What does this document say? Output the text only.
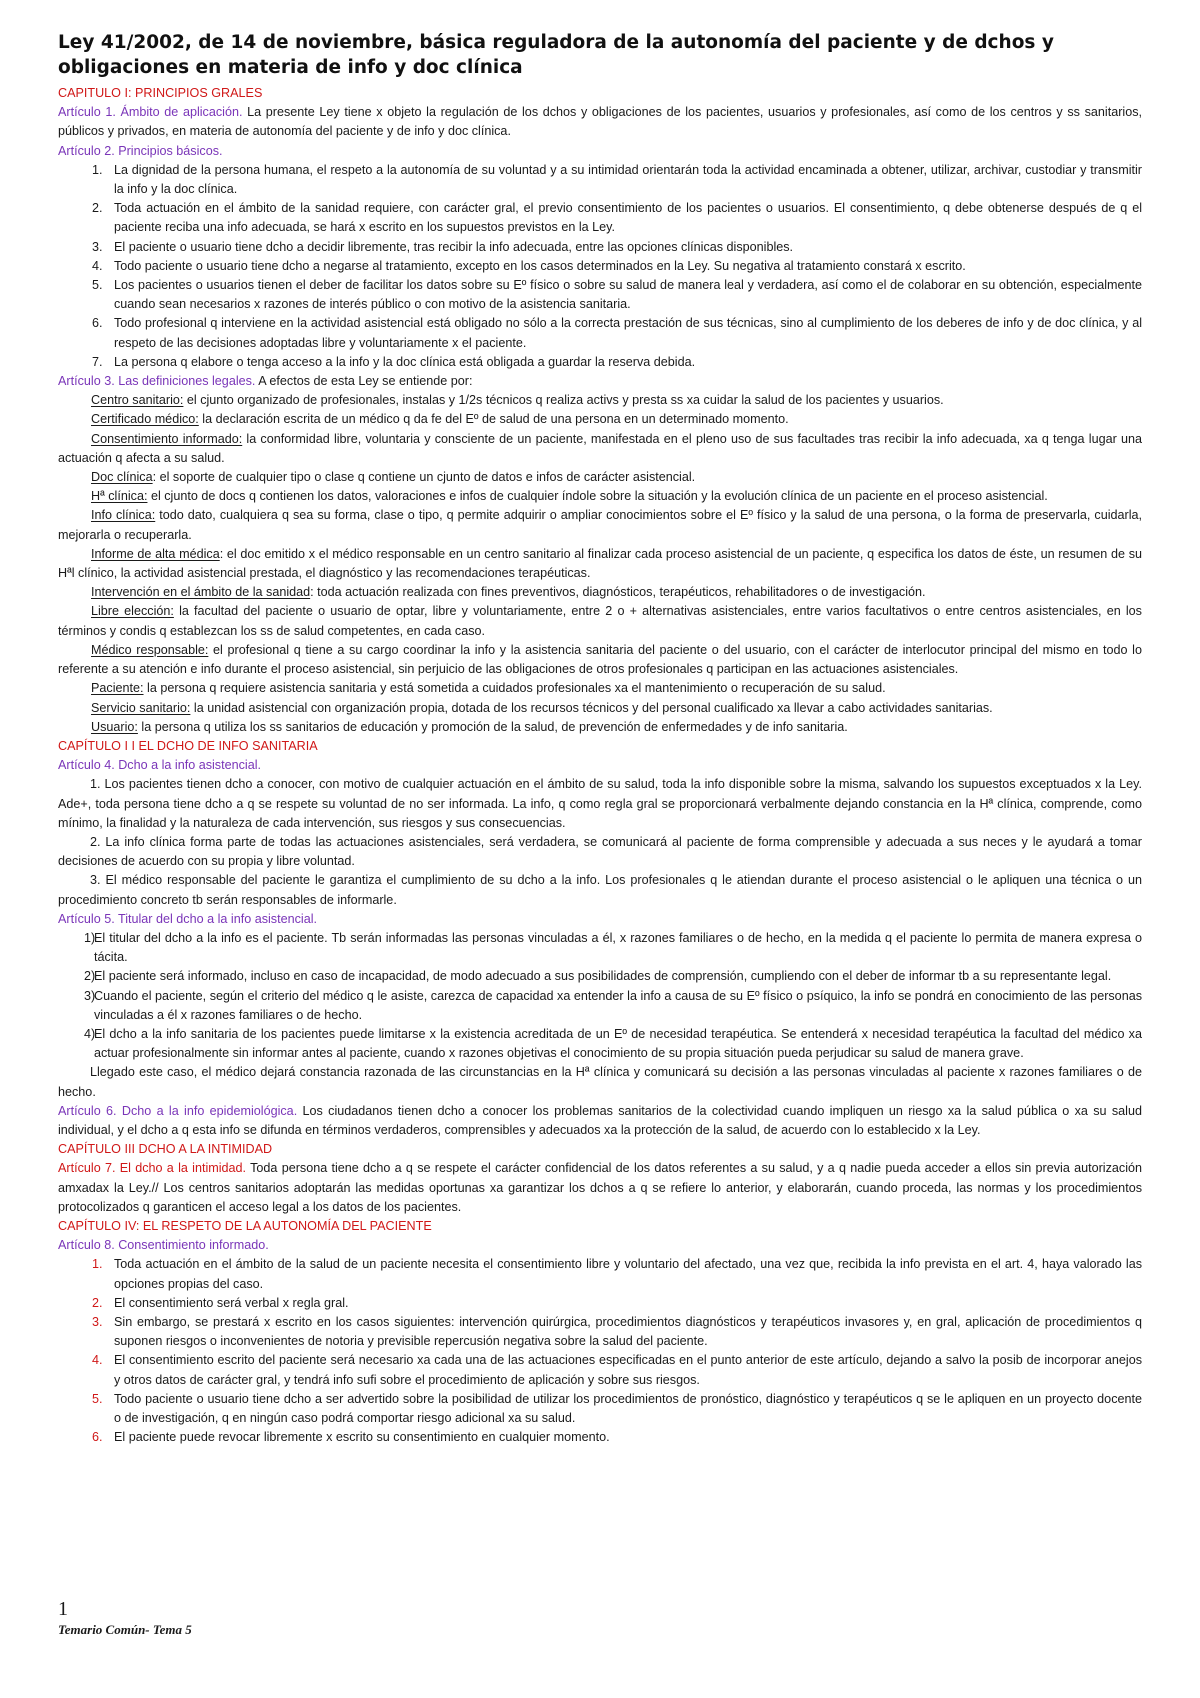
Ley 41/2002, de 14 de noviembre, básica reguladora de la autonomía del paciente y de dchos y obligaciones en materia de info y doc clínica

CAPITULO I: PRINCIPIOS GRALES

Artículo 1. Ámbito de aplicación. La presente Ley tiene x objeto la regulación de los dchos y obligaciones de los pacientes, usuarios y profesionales, así como de los centros y ss sanitarios, públicos y privados, en materia de autonomía del paciente y de info y doc clínica.

Artículo 2. Principios básicos.

1. La dignidad de la persona humana, el respeto a la autonomía de su voluntad y a su intimidad orientarán toda la actividad encaminada a obtener, utilizar, archivar, custodiar y transmitir la info y la doc clínica.
2. Toda actuación en el ámbito de la sanidad requiere, con carácter gral, el previo consentimiento de los pacientes o usuarios. El consentimiento, q debe obtenerse después de q el paciente reciba una info adecuada, se hará x escrito en los supuestos previstos en la Ley.
3. El paciente o usuario tiene dcho a decidir libremente, tras recibir la info adecuada, entre las opciones clínicas disponibles.
4. Todo paciente o usuario tiene dcho a negarse al tratamiento, excepto en los casos determinados en la Ley. Su negativa al tratamiento constará x escrito.
5. Los pacientes o usuarios tienen el deber de facilitar los datos sobre su Eº físico o sobre su salud de manera leal y verdadera, así como el de colaborar en su obtención, especialmente cuando sean necesarios x razones de interés público o con motivo de la asistencia sanitaria.
6. Todo profesional q interviene en la actividad asistencial está obligado no sólo a la correcta prestación de sus técnicas, sino al cumplimiento de los deberes de info y de doc clínica, y al respeto de las decisiones adoptadas libre y voluntariamente x el paciente.
7. La persona q elabore o tenga acceso a la info y la doc clínica está obligada a guardar la reserva debida.

Artículo 3. Las definiciones legales. A efectos de esta Ley se entiende por:

Centro sanitario: el cjunto organizado de profesionales, instalas y 1/2s técnicos q realiza activs y presta ss xa cuidar la salud de los pacientes y usuarios.

Certificado médico: la declaración escrita de un médico q da fe del Eº de salud de una persona en un determinado momento.

Consentimiento informado: la conformidad libre, voluntaria y consciente de un paciente, manifestada en el pleno uso de sus facultades tras recibir la info adecuada, xa q tenga lugar una actuación q afecta a su salud.

Doc clínica: el soporte de cualquier tipo o clase q contiene un cjunto de datos e infos de carácter asistencial.

Hª clínica: el cjunto de docs q contienen los datos, valoraciones e infos de cualquier índole sobre la situación y la evolución clínica de un paciente en el proceso asistencial.

Info clínica: todo dato, cualquiera q sea su forma, clase o tipo, q permite adquirir o ampliar conocimientos sobre el Eº físico y la salud de una persona, o la forma de preservarla, cuidarla, mejorarla o recuperarla.

Informe de alta médica: el doc emitido x el médico responsable en un centro sanitario al finalizar cada proceso asistencial de un paciente, q especifica los datos de éste, un resumen de su Hªl clínico, la actividad asistencial prestada, el diagnóstico y las recomendaciones terapéuticas.

Intervención en el ámbito de la sanidad: toda actuación realizada con fines preventivos, diagnósticos, terapéuticos, rehabilitadores o de investigación.

Libre elección: la facultad del paciente o usuario de optar, libre y voluntariamente, entre 2 o + alternativas asistenciales, entre varios facultativos o entre centros asistenciales, en los términos y condis q establezcan los ss de salud competentes, en cada caso.

Médico responsable: el profesional q tiene a su cargo coordinar la info y la asistencia sanitaria del paciente o del usuario, con el carácter de interlocutor principal del mismo en todo lo referente a su atención e info durante el proceso asistencial, sin perjuicio de las obligaciones de otros profesionales q participan en las actuaciones asistenciales.

Paciente: la persona q requiere asistencia sanitaria y está sometida a cuidados profesionales xa el mantenimiento o recuperación de su salud.

Servicio sanitario: la unidad asistencial con organización propia, dotada de los recursos técnicos y del personal cualificado xa llevar a cabo actividades sanitarias.

Usuario: la persona q utiliza los ss sanitarios de educación y promoción de la salud, de prevención de enfermedades y de info sanitaria.

CAPÍTULO I I EL DCHO DE INFO SANITARIA

Artículo 4. Dcho a la info asistencial.

1. Los pacientes tienen dcho a conocer, con motivo de cualquier actuación en el ámbito de su salud, toda la info disponible sobre la misma, salvando los supuestos exceptuados x la Ley. Ade+, toda persona tiene dcho a q se respete su voluntad de no ser informada. La info, q como regla gral se proporcionará verbalmente dejando constancia en la Hª clínica, comprende, como mínimo, la finalidad y la naturaleza de cada intervención, sus riesgos y sus consecuencias.

2. La info clínica forma parte de todas las actuaciones asistenciales, será verdadera, se comunicará al paciente de forma comprensible y adecuada a sus neces y le ayudará a tomar decisiones de acuerdo con su propia y libre voluntad.

3. El médico responsable del paciente le garantiza el cumplimiento de su dcho a la info. Los profesionales q le atiendan durante el proceso asistencial o le apliquen una técnica o un procedimiento concreto tb serán responsables de informarle.

Artículo 5. Titular del dcho a la info asistencial.

1)
El titular del dcho a la info es el paciente. Tb serán informadas las personas vinculadas a él, x razones familiares o de hecho, en la medida q el paciente lo permita de manera expresa o tácita.
2)
El paciente será informado, incluso en caso de incapacidad, de modo adecuado a sus posibilidades de comprensión, cumpliendo con el deber de informar tb a su representante legal.
3)
Cuando el paciente, según el criterio del médico q le asiste, carezca de capacidad xa entender la info a causa de su Eº físico o psíquico, la info se pondrá en conocimiento de las personas vinculadas a él x razones familiares o de hecho.
4)
El dcho a la info sanitaria de los pacientes puede limitarse x la existencia acreditada de un Eº de necesidad terapéutica. Se entenderá x necesidad terapéutica la facultad del médico xa actuar profesionalmente sin informar antes al paciente, cuando x razones objetivas el conocimiento de su propia situación pueda perjudicar su salud de manera grave.

Llegado este caso, el médico dejará constancia razonada de las circunstancias en la Hª clínica y comunicará su decisión a las personas vinculadas al paciente x razones familiares o de hecho.

Artículo 6. Dcho a la info epidemiológica. Los ciudadanos tienen dcho a conocer los problemas sanitarios de la colectividad cuando impliquen un riesgo xa la salud pública o xa su salud individual, y el dcho a q esta info se difunda en términos verdaderos, comprensibles y adecuados xa la protección de la salud, de acuerdo con lo establecido x la Ley.

CAPÍTULO III DCHO A LA INTIMIDAD

Artículo 7. El dcho a la intimidad. Toda persona tiene dcho a q se respete el carácter confidencial de los datos referentes a su salud, y a q nadie pueda acceder a ellos sin previa autorización amxadax la Ley.// Los centros sanitarios adoptarán las medidas oportunas xa garantizar los dchos a q se refiere lo anterior, y elaborarán, cuando proceda, las normas y los procedimientos protocolizados q garanticen el acceso legal a los datos de los pacientes.

CAPÍTULO IV: EL RESPETO DE LA AUTONOMÍA DEL PACIENTE

Artículo 8. Consentimiento informado.

1. Toda actuación en el ámbito de la salud de un paciente necesita el consentimiento libre y voluntario del afectado, una vez que, recibida la info prevista en el art. 4, haya valorado las opciones propias del caso.
2. El consentimiento será verbal x regla gral.
3. Sin embargo, se prestará x escrito en los casos siguientes: intervención quirúrgica, procedimientos diagnósticos y terapéuticos invasores y, en gral, aplicación de procedimientos q suponen riesgos o inconvenientes de notoria y previsible repercusión negativa sobre la salud del paciente.
4. El consentimiento escrito del paciente será necesario xa cada una de las actuaciones especificadas en el punto anterior de este artículo, dejando a salvo la posib de incorporar anejos y otros datos de carácter gral, y tendrá info sufi sobre el procedimiento de aplicación y sobre sus riesgos.
5. Todo paciente o usuario tiene dcho a ser advertido sobre la posibilidad de utilizar los procedimientos de pronóstico, diagnóstico y terapéuticos q se le apliquen en un proyecto docente o de investigación, q en ningún caso podrá comportar riesgo adicional xa su salud.
6. El paciente puede revocar libremente x escrito su consentimiento en cualquier momento.
1
Temario Común- Tema 5
